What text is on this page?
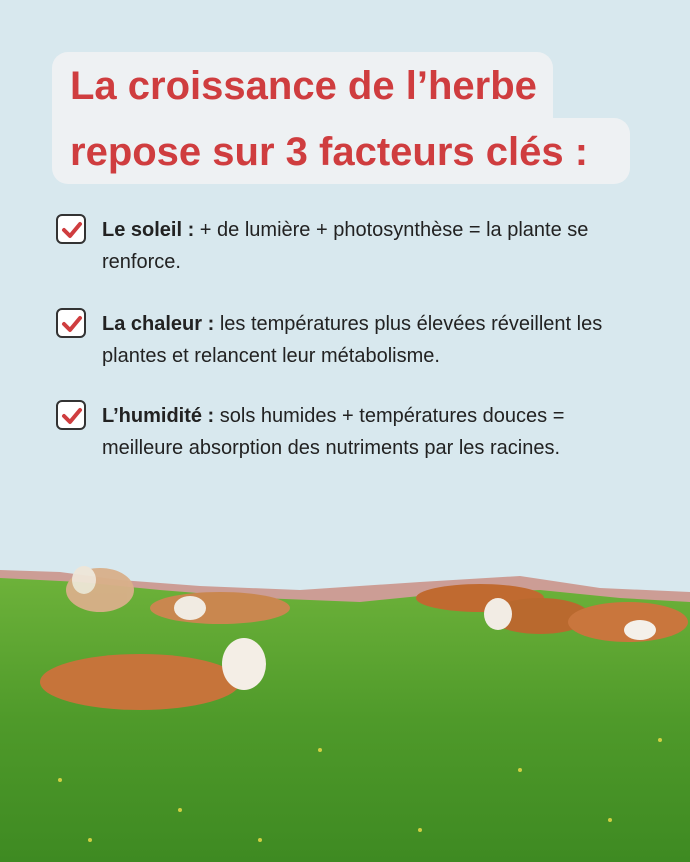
La croissance de l’herbe
repose sur 3 facteurs clés :
Le soleil : + de lumière + photosynthèse = la plante se renforce.
La chaleur : les températures plus élevées réveillent les plantes et relancent leur métabolisme.
L’humidité : sols humides + températures douces = meilleure absorption des nutriments par les racines.
